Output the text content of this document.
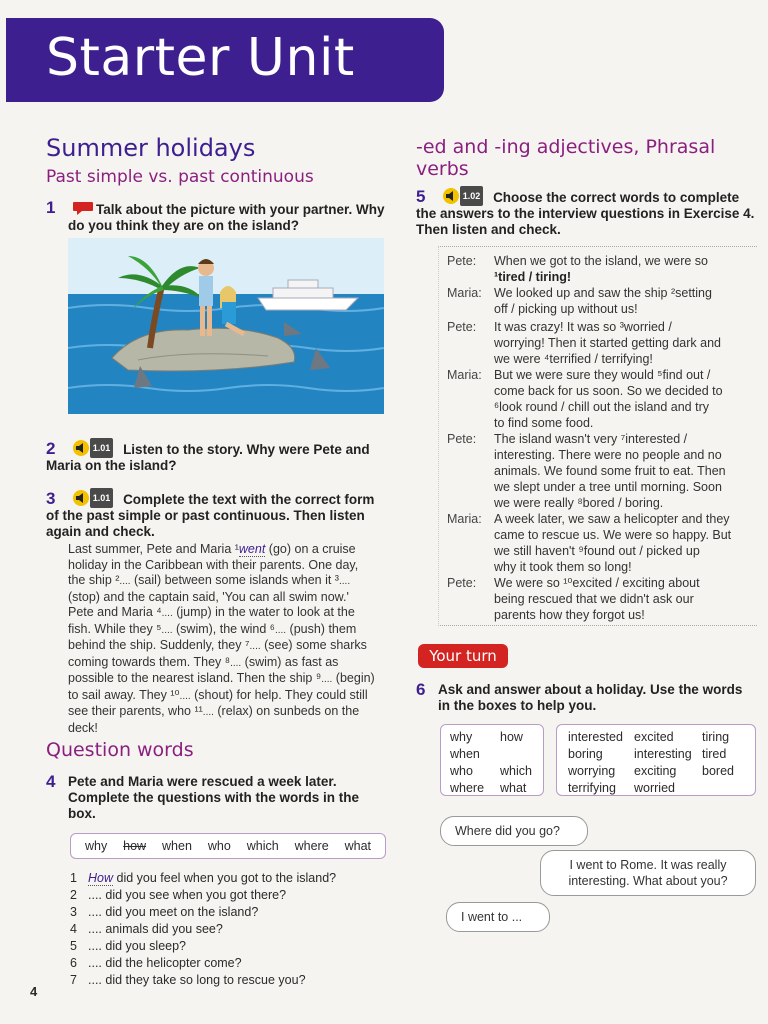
Starter Unit
Summer holidays
Past simple vs. past continuous
1	Talk about the picture with your partner. Why do you think they are on the island?
2	1.01 Listen to the story. Why were Pete and Maria on the island?
3	1.01 Complete the text with the correct form of the past simple or past continuous. Then listen again and check.
Last summer, Pete and Maria ¹went (go) on a cruise holiday in the Caribbean with their parents. One day, the ship ².... (sail) between some islands when it ³.... (stop) and the captain said, 'You can all swim now.' Pete and Maria ⁴.... (jump) in the water to look at the fish. While they ⁵.... (swim), the wind ⁶.... (push) them behind the ship. Suddenly, they ⁷.... (see) some sharks coming towards them. They ⁸.... (swim) as fast as possible to the nearest island. Then the ship ⁹.... (begin) to sail away. They ¹⁰.... (shout) for help. They could still see their parents, who ¹¹.... (relax) on sunbeds on the deck!
Question words
4 Pete and Maria were rescued a week later. Complete the questions with the words in the box.
why how when who which where what
1 How did you feel when you got to the island?
2 .... did you see when you got there?
3 .... did you meet on the island?
4 .... animals did you see?
5 .... did you sleep?
6 .... did the helicopter come?
7 .... did they take so long to rescue you?
4
-ed and -ing adjectives, Phrasal
verbs
5	1.02 Choose the correct words to complete the answers to the interview questions in Exercise 4. Then listen and check.
Pete: When we got to the island, we were so
¹tired / tiring!
Maria: We looked up and saw the ship ²setting
off / picking up without us!
Pete: It was crazy! It was so ³worried /
worrying! Then it started getting dark and
we were ⁴terrified / terrifying!
Maria: But we were sure they would ⁵find out /
come back for us soon. So we decided to
⁶look round / chill out the island and try
to find some food.
Pete: The island wasn't very ⁷interested /
interesting. There were no people and no
animals. We found some fruit to eat. Then
we slept under a tree until morning. Soon
we were really ⁸bored / boring.
Maria: A week later, we saw a helicopter and they
came to rescue us. We were so happy. But
we still haven't ⁹found out / picked up
why it took them so long!
Pete: We were so ¹⁰excited / exciting about
being rescued that we didn't ask our
parents how they forgot us!
Your turn
6 Ask and answer about a holiday. Use the words in the boxes to help you.
why	how
when	
who	which
where	what
interested	excited	tiring
boring	interesting	tired
worrying	exciting	bored
terrifying	worried	
Where did you go?
I went to Rome. It was really
interesting. What about you?
I went to ...
